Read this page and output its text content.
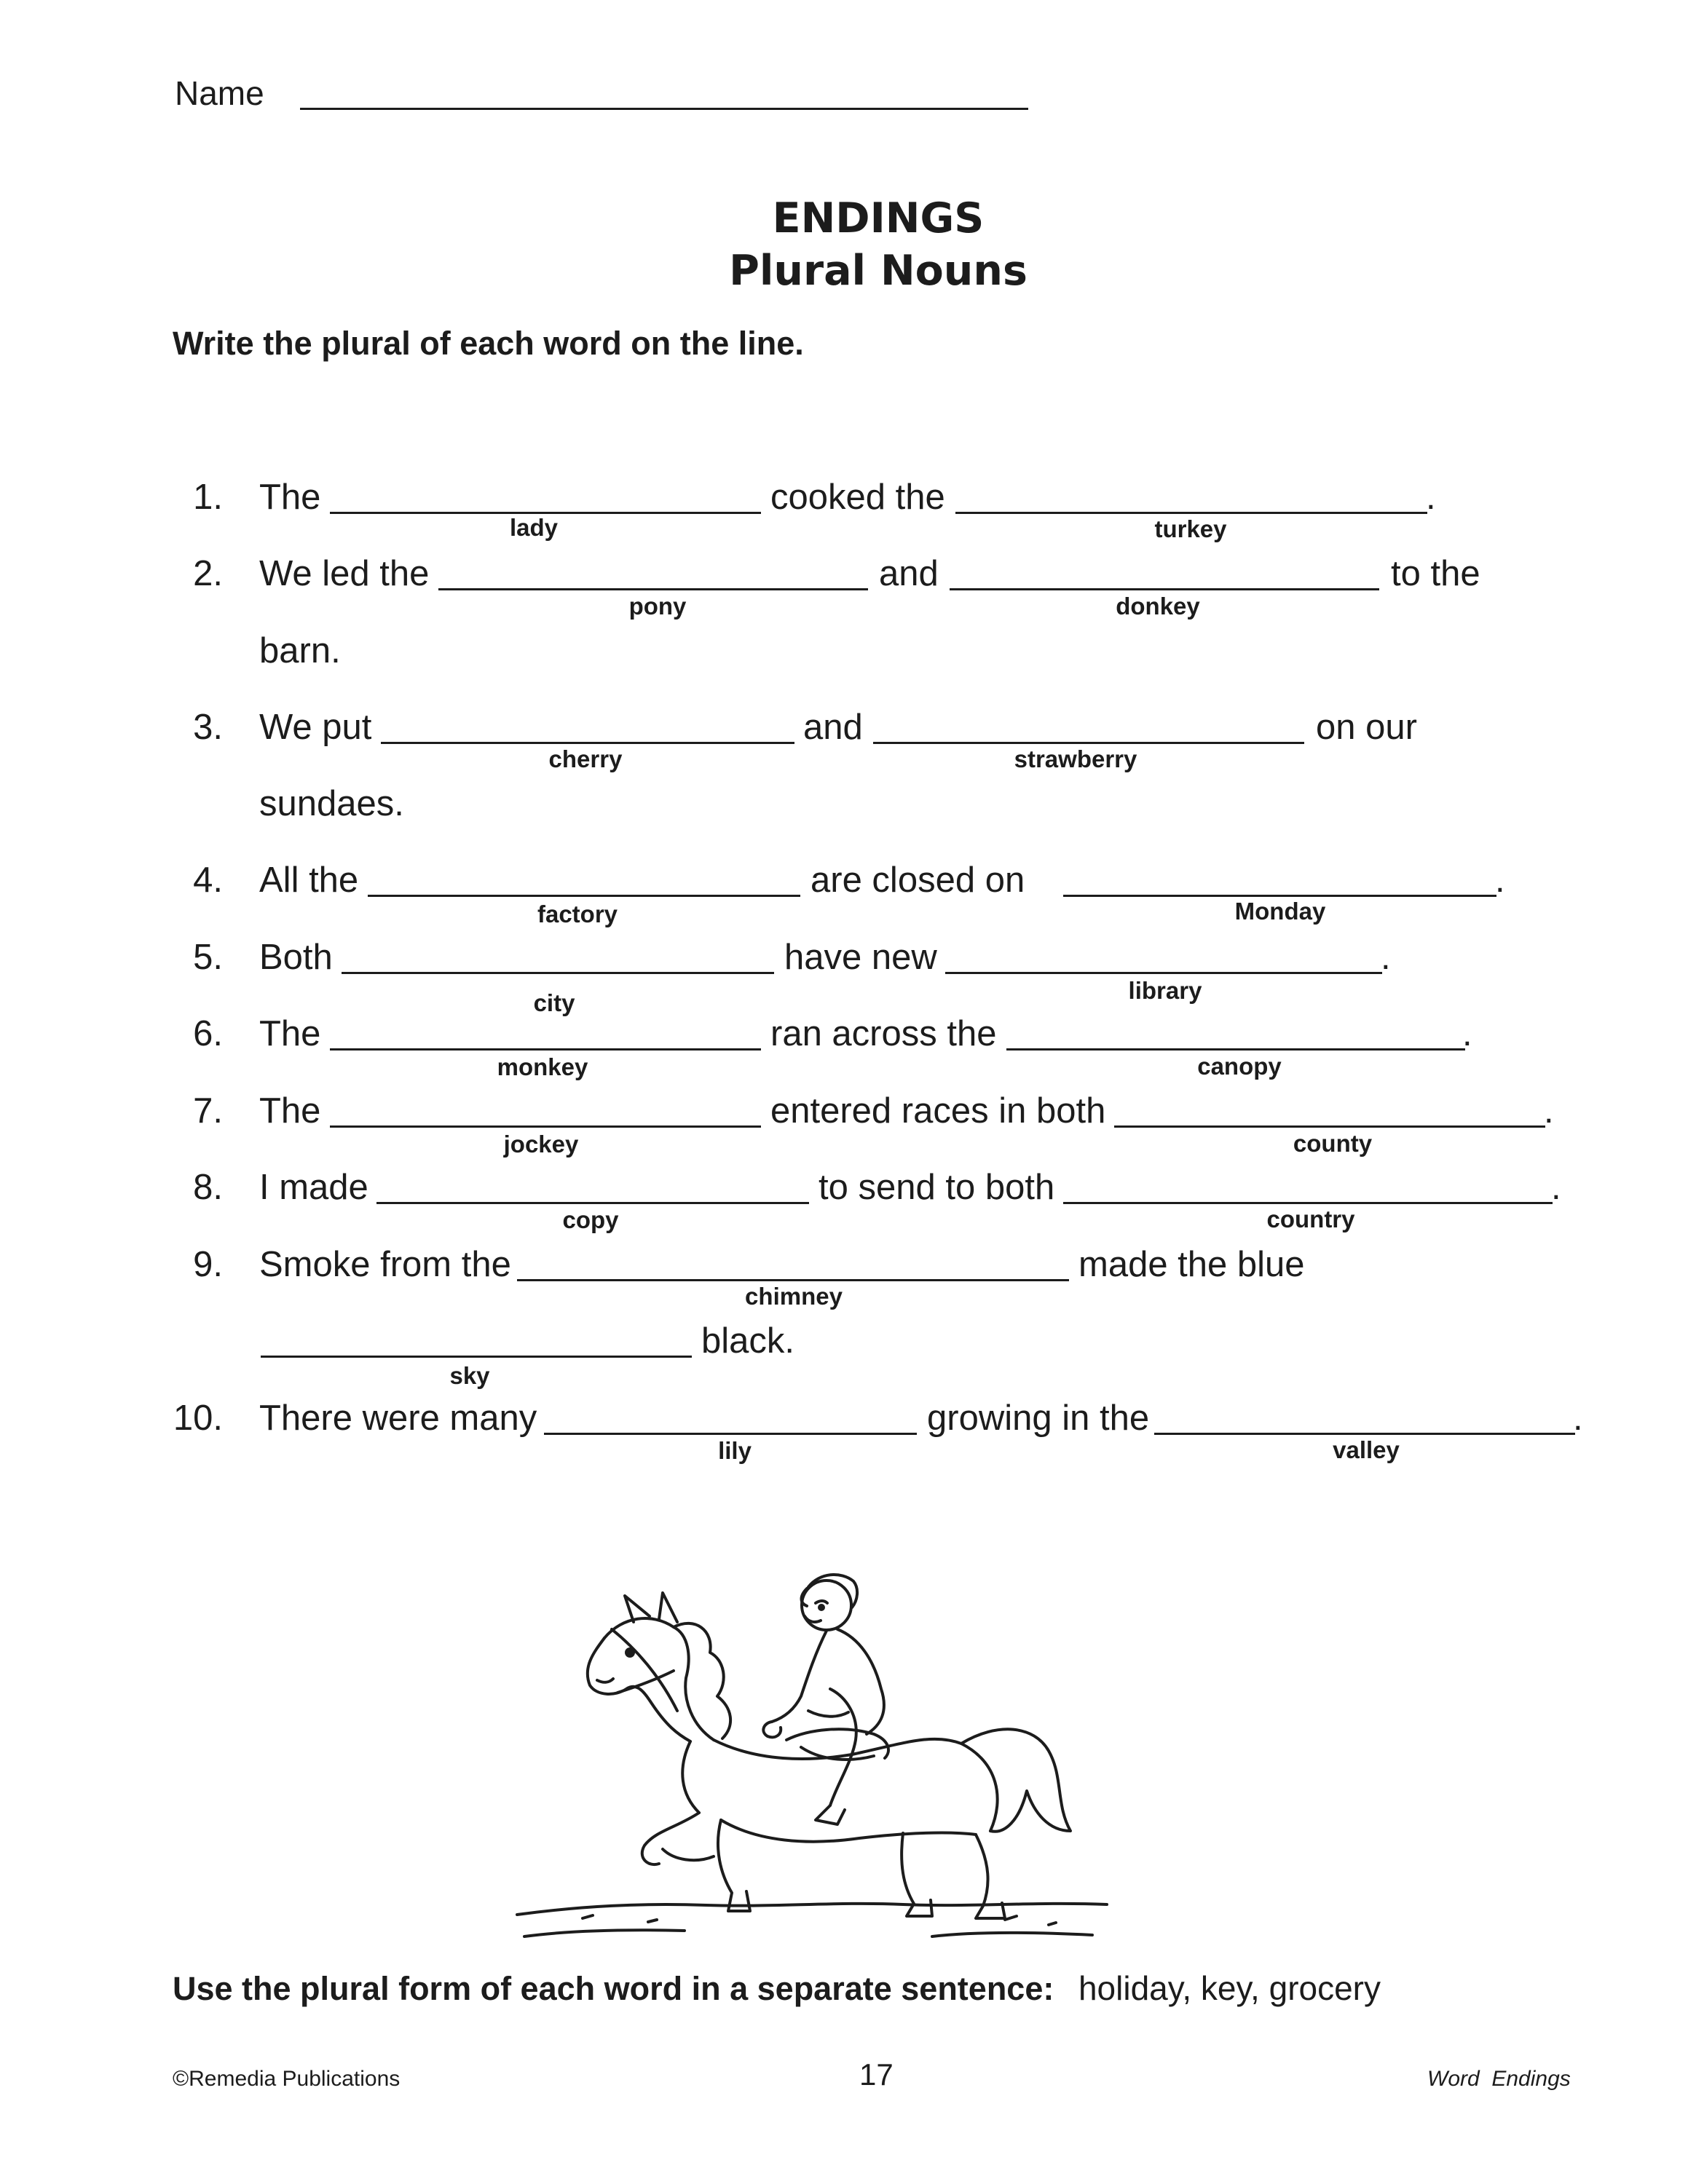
Name
ENDINGS
Plural Nouns
Write the plural of each word on the line.
1. The
lady
cooked the
turkey
.
2. We led the
pony
and
donkey
to the
barn.
3. We put
cherry
and
strawberry
on our
sundaes.
4. All the
factory
are closed on
Monday
.
5. Both
city
have new
library
.
6. The
monkey
ran across the
canopy
.
7. The
jockey
entered races in both
county
.
8. I made
copy
to send to both
country
.
9. Smoke from the
chimney
made the blue
sky
black.
10. There were many
lily
growing in the
valley
.
Use the plural form of each word in a separate sentence: holiday, key, grocery
©Remedia Publications	17	Word  Endings
